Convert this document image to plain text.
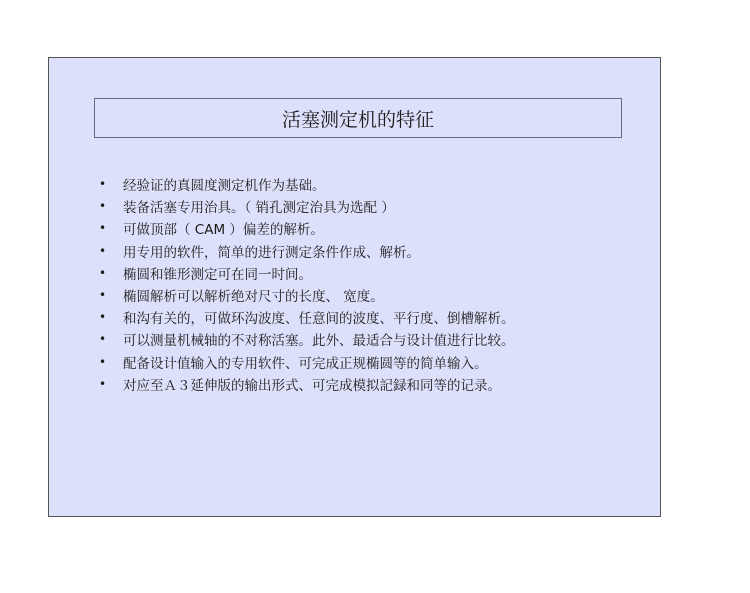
活塞测定机的特征
•	经验证的真圆度测定机作为基础。
•	装备活塞专用治具。（ 销孔测定治具为选配 ）
•	可做顶部（ CAM ）偏差的解析。
•	用专用的软件，简单的进行测定条件作成、解析。
•	椭圆和锥形测定可在同一时间。
•	椭圆解析可以解析绝对尺寸的长度、 宽度。
•	和沟有关的，可做环沟波度、任意间的波度、平行度、倒槽解析。
•	可以测量机械轴的不对称活塞。此外、最适合与设计值进行比较。
•	配备设计值输入的专用软件、可完成正规椭圆等的简单输入。
•	对应至Ａ３延伸版的输出形式、可完成模拟記録和同等的记录。
